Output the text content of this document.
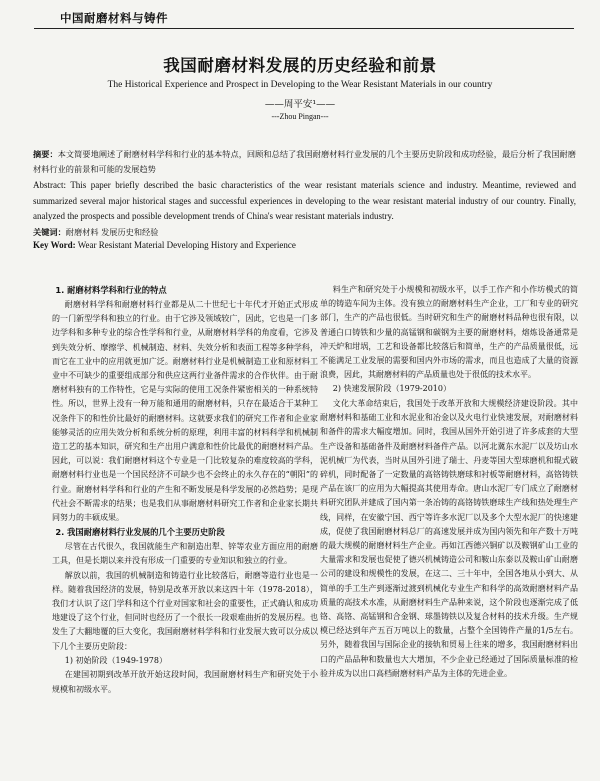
中国耐磨材料与铸件
我国耐磨材料发展的历史经验和前景
The Historical Experience and Prospect in Developing to the Wear Resistant Materials in our country
——周平安¹——
---Zhou Pingan---
摘要：本文简要地阐述了耐磨材料学科和行业的基本特点，回顾和总结了我国耐磨材料行业发展的几个主要历史阶段和成功经验，最后分析了我国耐磨材料行业的前景和可能的发展趋势
Abstract: This paper briefly described the basic characteristics of the wear resistant materials science and industry. Meantime, reviewed and summarized several major historical stages and successful experiences in developing to the wear resistant material industry of our country. Finally, analyzed the prospects and possible development trends of China's wear resistant materials industry.
关键词：耐磨材料 发展历史和经验
Key Word: Wear Resistant Material Developing History and Experience
1. 耐磨材料学科和行业的特点

耐磨材料学科和耐磨材料行业都是从二十世纪七十年代才开始正式形成的一门新型学科和独立的行业。由于它涉及领域较广，因此，它也是一门多边学科和多种专业的综合性学科和行业，从耐磨材料学科的角度看，它涉及到失效分析、摩擦学、机械制造、材料、失效分析和表面工程等多种学科，而它在工业中的应用就更加广泛。耐磨材料行业是机械制造工业和原材料工业中不可缺少的重要组成部分和供应这两行业备件需求的合作伙伴。由于耐磨材料独有的工作特性，它是与实际的使用工况条件紧密相关的一种系统特性。所以，世界上没有一种万能和通用的耐磨材料，只存在最适合于某种工况条件下的和性价比最好的耐磨材料。这就要求我们的研究工作者和企业家能够灵活的应用失效分析和系统分析的原理，利用丰富的材料科学和机械制造工艺的基本知识，研究和生产出用户满意和性价比最优的耐磨材料产品。因此，可以说：我们耐磨材料这个专业是一门比较复杂的难度较高的学科，耐磨材料行业也是一个国民经济不可缺少也不会终止的永久存在的“朝阳”的行业。耐磨材料学科和行业的产生和不断发展是科学发展的必然趋势；是现代社会不断需求的结果；也是我们从事耐磨材料研究工作者和企业家长期共同努力的丰硕成果。

2. 我国耐磨材料行业发展的几个主要历史阶段

尽管在古代很久，我国就能生产和制造出犁、锌等农业方面应用的耐磨工具，但是长期以来并没有形成一门重要的专业知识和独立的行业。

解放以前，我国的机械制造和铸造行业比较落后，耐磨等造行业也是一样。随着我国经济的发展，特别是改革开放以来这四十年（1978-2018），我们才认识了这门学科和这个行业对国家和社会的重要性，正式确认和成功地建设了这个行业，但同时也经历了一个很长一段艰难曲折的发展历程。也发生了大翻地覆的巨大变化，我国耐磨材料学科和行业发展大致可以分成以下几个主要历史阶段：

1) 初始阶段（1949-1978）

在建国初期到改革开放开始这段时间，我国耐磨材料生产和研究处于小规模和初级水平。

料生产和研究处于小规模和初级水平，以手工作产和小作坊模式的简单的铸造车间为主体。没有独立的耐磨材料生产企业，工厂和专业的研究部门，生产的产品也很低。当时研究和生产的耐磨材料品种也很有限，以普通白口铸铁和少量的高锰钢和碳钢为主要的耐磨材料，熔炼设备通常是冲天炉和坩埚，工艺和设备都比较落后和简单，生产的产品质量很低，远不能满足工业发展的需要和国内外市场的需求，而且也造成了大量的资源浪费，因此，其耐磨材料的产品质量也处于很低的技术水平。

2) 快速发展阶段（1979-2010）

文化大革命结束后，我国处于改革开放和大规模经济建设阶段。其中耐磨材料和基础工业和水泥业和冶金以及火电行业快速发展，对耐磨材料和备件的需求大幅度增加。同时，我国从国外开始引进了许多成套的大型生产设备和基础备件及耐磨材料备件产品。以河北冀东水泥厂以及坊山水泥机械厂为代表，当时从国外引进了瑞士、丹麦等国大型球磨机和辊式破碎机，同时配备了一定数量的高铬铸铁磨球和衬板等耐磨材料，高铬铸铁产品在该厂的应用为大幅提高其使用寿命。唐山水泥厂专门成立了耐磨材料研究团队并建成了国内第一条冶铸的高铬铸铁磨球生产线和热处理生产线，同样，在安徽宁国、西宁等许多水泥厂以及多个大型水泥厂的快速建成，促使了我国耐磨材料总厂的高速发展并成为国内领先和年产数十万吨的最大规模的耐磨材料生产企业。再如江西德兴铜矿以及鞍钢矿山工业的大量需求和发展也促使了德兴机械铸造公司和鞍山东泰以及鞍山矿山耐磨公司的建设和规模性的发展，在这二、三十年中，全国各地从小到大、从简单的手工生产到逐渐过渡到机械化专业生产和科学的高效耐磨材料产品质量的高技术水准，从耐磨材料生产品种来说，这个阶段也逐渐完成了低铬、高铬、高锰钢和合金钢、球墨铸铁以及复合材料的技术升级。生产规模已经达到年产五百万吨以上的数量，占整个全国铸件产量的1/5左右。另外，随着我国与国际企业的接轨和贸易上往来的增多，我国耐磨材料出口的产品品种和数量也大大增加，不少企业已经通过了国际质量标准的检验并成为以出口高档耐磨材料产品为主体的先进企业。
